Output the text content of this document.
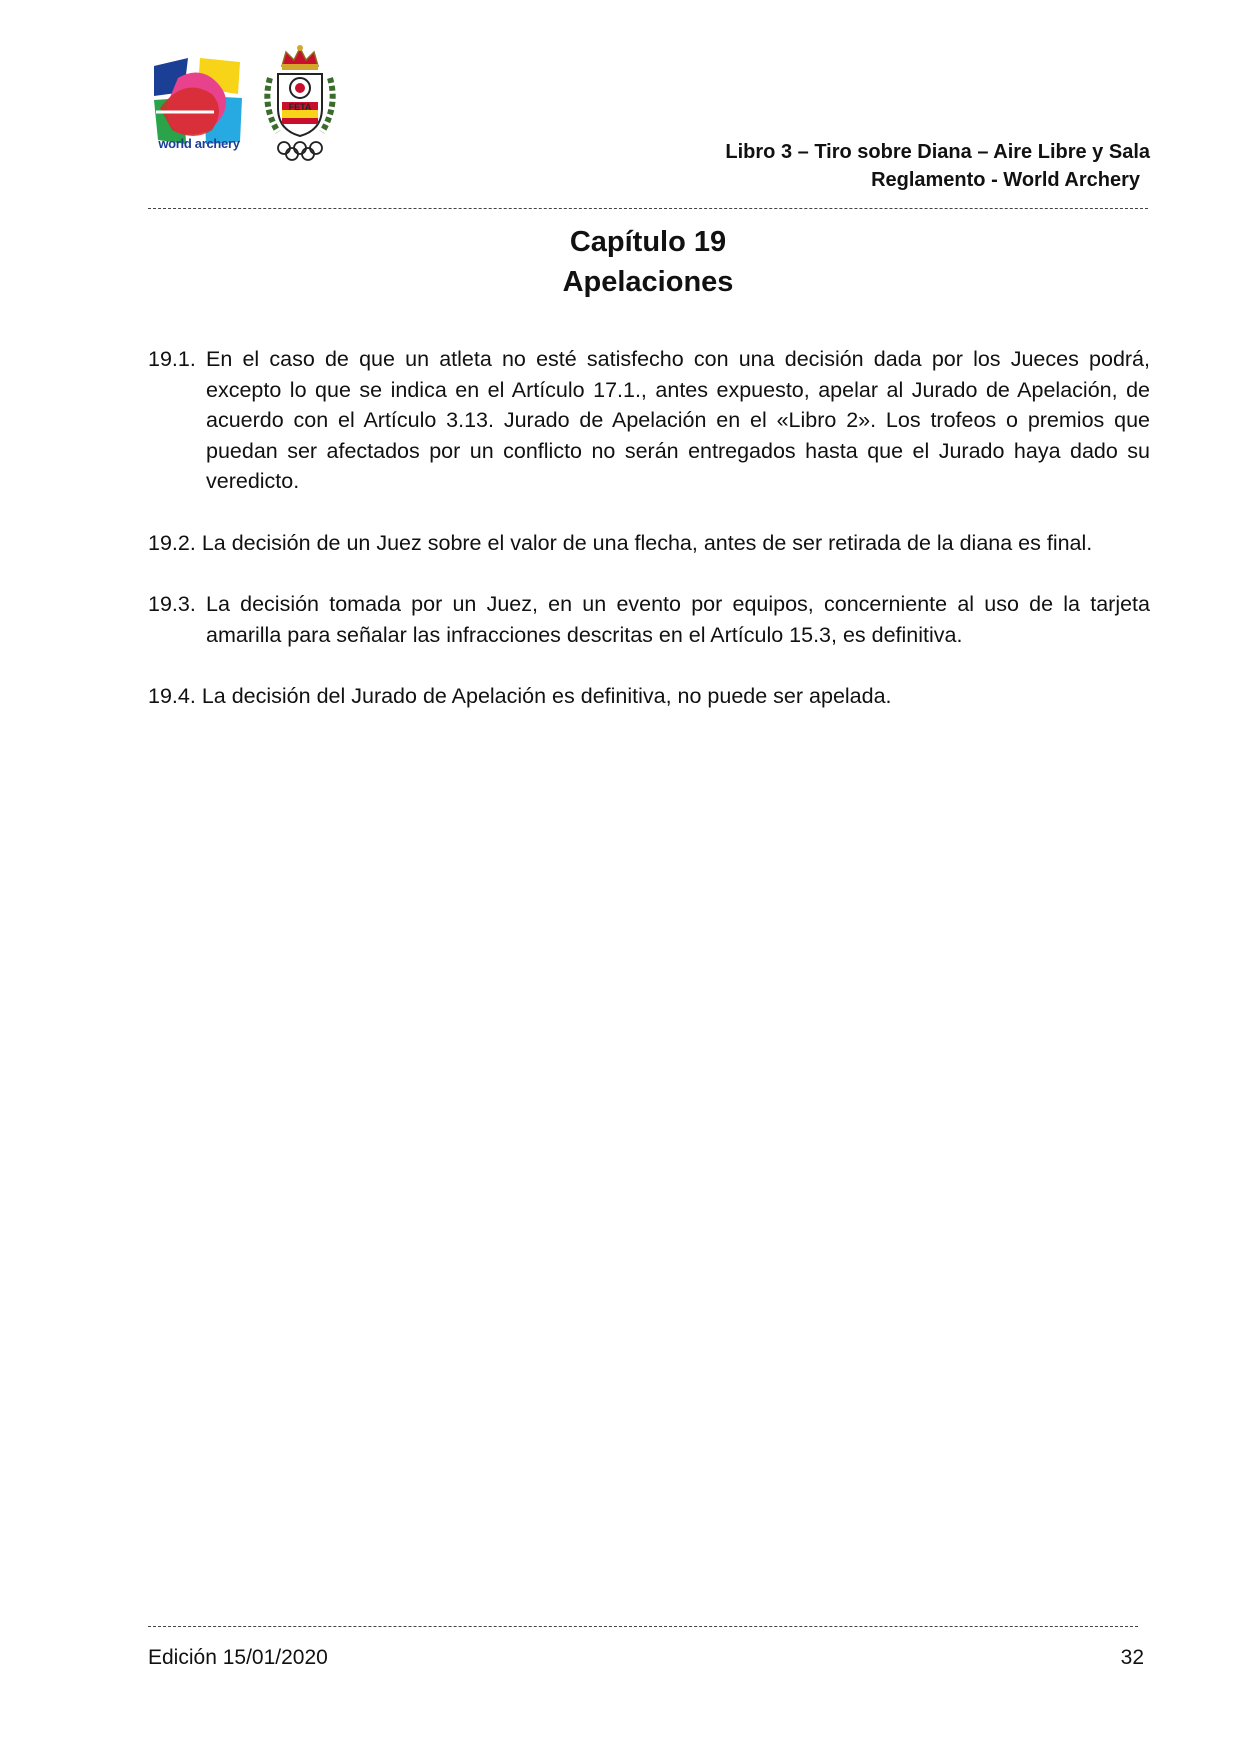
world archery
FETA
Libro 3 – Tiro sobre Diana – Aire Libre y Sala
Reglamento - World Archery
Capítulo 19
Apelaciones
19.1. En el caso de que un atleta no esté satisfecho con una decisión dada por los Jueces podrá, excepto lo que se indica en el Artículo 17.1., antes expuesto, apelar al Jurado de Apelación, de acuerdo con el Artículo 3.13. Jurado de Apelación en el «Libro 2». Los trofeos o premios que puedan ser afectados por un conflicto no serán entregados hasta que el Jurado haya dado su veredicto.
19.2. La decisión de un Juez sobre el valor de una flecha, antes de ser retirada de la diana es final.
19.3. La decisión tomada por un Juez, en un evento por equipos, concerniente al uso de la tarjeta amarilla para señalar las infracciones descritas en el Artículo 15.3, es definitiva.
19.4. La decisión del Jurado de Apelación es definitiva, no puede ser apelada.
Edición 15/01/2020	32
